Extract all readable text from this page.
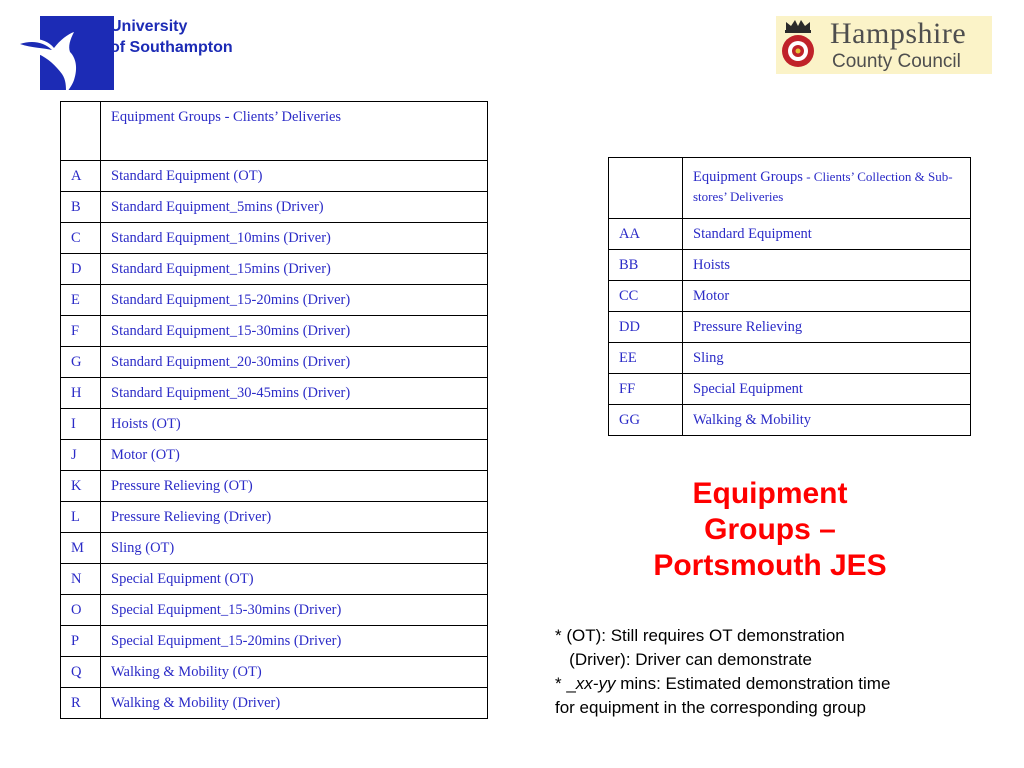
University
of Southampton	Hampshire
County Council
	Equipment Groups - Clients’ Deliveries
A	Standard Equipment (OT)
B	Standard Equipment_5mins (Driver)
C	Standard Equipment_10mins (Driver)
D	Standard Equipment_15mins (Driver)
E	Standard Equipment_15-20mins (Driver)
F	Standard Equipment_15-30mins (Driver)
G	Standard Equipment_20-30mins (Driver)
H	Standard Equipment_30-45mins (Driver)
I	Hoists (OT)
J	Motor (OT)
K	Pressure Relieving (OT)
L	Pressure Relieving (Driver)
M	Sling (OT)
N	Special Equipment (OT)
O	Special Equipment_15-30mins (Driver)
P	Special Equipment_15-20mins (Driver)
Q	Walking & Mobility (OT)
R	Walking & Mobility (Driver)
	Equipment Groups - Clients’ Collection & Sub-stores’ Deliveries
AA	Standard Equipment
BB	Hoists
CC	Motor
DD	Pressure Relieving
EE	Sling
FF	Special Equipment
GG	Walking & Mobility
Equipment
Groups –
Portsmouth JES
* (OT): Still requires OT demonstration
(Driver): Driver can demonstrate
* _xx-yy mins: Estimated demonstration time
for equipment in the corresponding group
